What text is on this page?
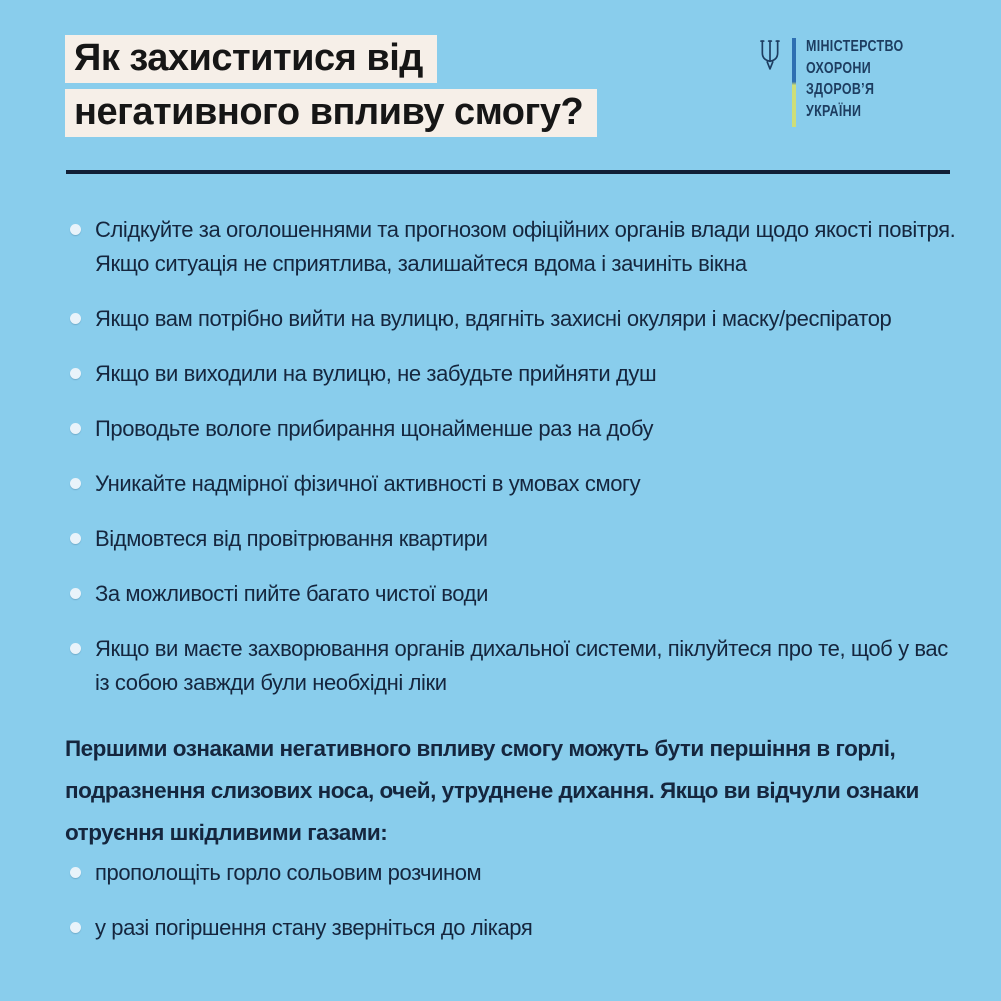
Як захиститися від
негативного впливу смогу?
МІНІСТЕРСТВО
ОХОРОНИ
ЗДОРОВ’Я
УКРАЇНИ
Слідкуйте за оголошеннями та прогнозом офіційних органів влади щодо якості повітря. Якщо ситуація не сприятлива, залишайтеся вдома і зачиніть вікна
Якщо вам потрібно вийти на вулицю, вдягніть захисні окуляри і маску/респіратор
Якщо ви виходили на вулицю, не забудьте прийняти душ
Проводьте вологе прибирання щонайменше раз на добу
Уникайте надмірної фізичної активності в умовах смогу
Відмовтеся від провітрювання квартири
За можливості пийте багато чистої води
Якщо ви маєте захворювання органів дихальної системи, піклуйтеся про те, щоб у вас із собою завжди були необхідні ліки

Першими ознаками негативного впливу смогу можуть бути першіння в горлі,
подразнення слизових носа, очей, утруднене дихання. Якщо ви відчули ознаки
отруєння шкідливими газами:

прополощіть горло сольовим розчином
у разі погіршення стану зверніться до лікаря
